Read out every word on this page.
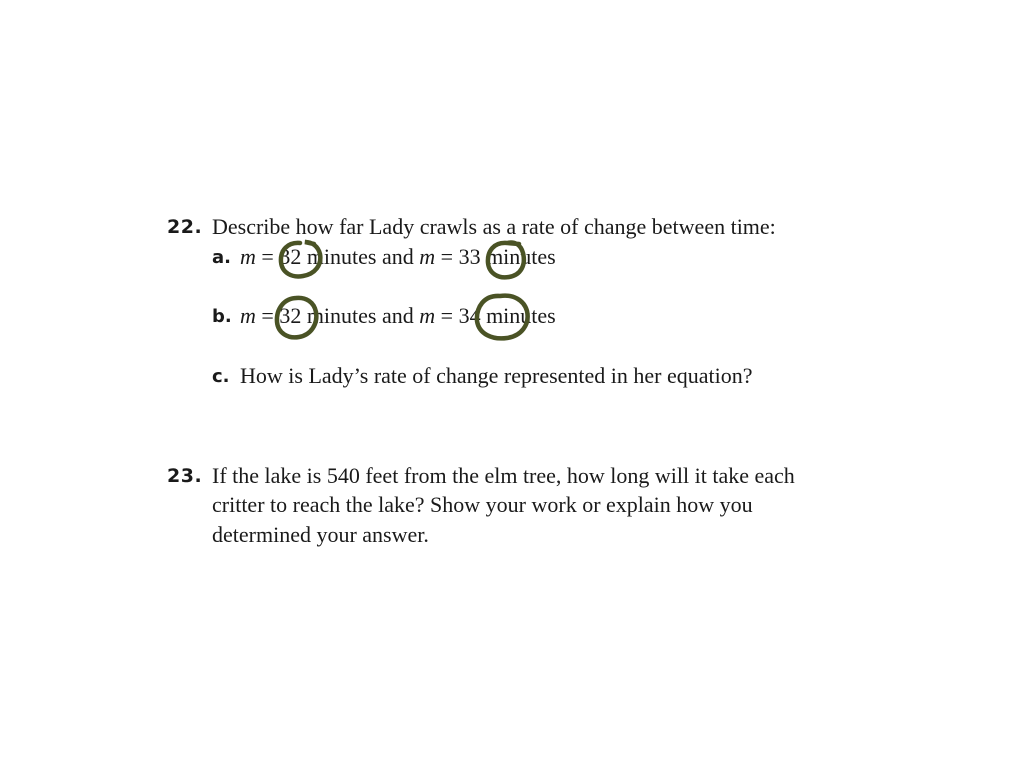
22. Describe how far Lady crawls as a rate of change between time:
a. m = 32 minutes and m = 33 minutes
b. m = 32 minutes and m = 34 minutes
c. How is Lady’s rate of change represented in her equation?
23. If the lake is 540 feet from the elm tree, how long will it take each
critter to reach the lake? Show your work or explain how you
determined your answer.
